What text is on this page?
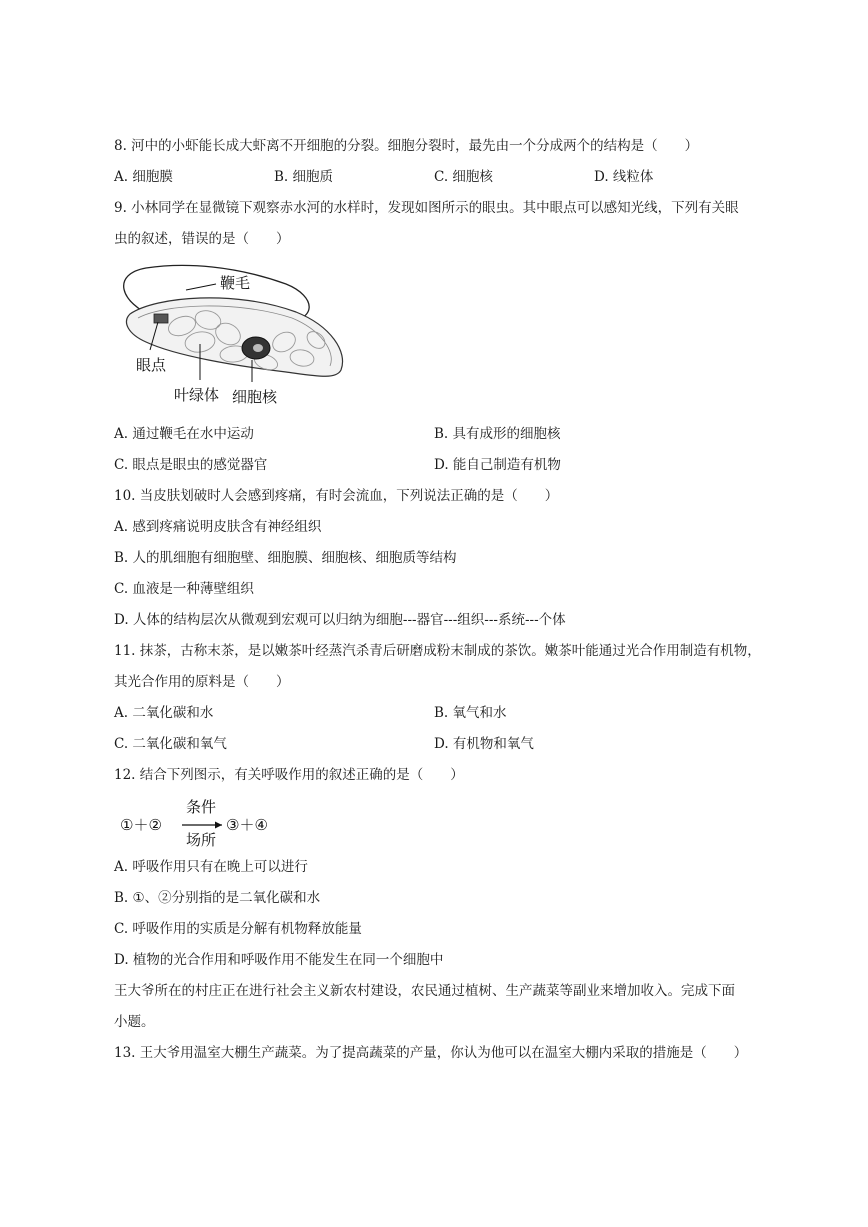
8. 河中的小虾能长成大虾离不开细胞的分裂。细胞分裂时，最先由一个分成两个的结构是（　　）
A. 细胞膜	B. 细胞质	C. 细胞核	D. 线粒体
9. 小林同学在显微镜下观察赤水河的水样时，发现如图所示的眼虫。其中眼点可以感知光线，下列有关眼
虫的叙述，错误的是（　　）
鞭毛
眼点
叶绿体 细胞核
A. 通过鞭毛在水中运动	B. 具有成形的细胞核
C. 眼点是眼虫的感觉器官	D. 能自己制造有机物
10. 当皮肤划破时人会感到疼痛，有时会流血，下列说法正确的是（　　）
A. 感到疼痛说明皮肤含有神经组织
B. 人的肌细胞有细胞壁、细胞膜、细胞核、细胞质等结构
C. 血液是一种薄壁组织
D. 人体的结构层次从微观到宏观可以归纳为细胞---器官---组织---系统---个体
11. 抹茶，古称末茶，是以嫩茶叶经蒸汽杀青后研磨成粉末制成的茶饮。嫩茶叶能通过光合作用制造有机物，
其光合作用的原料是（　　）
A. 二氧化碳和水	B. 氧气和水
C. 二氧化碳和氧气	D. 有机物和氧气
12. 结合下列图示，有关呼吸作用的叙述正确的是（　　）
①＋②
条件
场所
③＋④
A. 呼吸作用只有在晚上可以进行
B. ①、②分别指的是二氧化碳和水
C. 呼吸作用的实质是分解有机物释放能量
D. 植物的光合作用和呼吸作用不能发生在同一个细胞中
王大爷所在的村庄正在进行社会主义新农村建设，农民通过植树、生产蔬菜等副业来增加收入。完成下面
小题。
13. 王大爷用温室大棚生产蔬菜。为了提高蔬菜的产量，你认为他可以在温室大棚内采取的措施是（　　）
